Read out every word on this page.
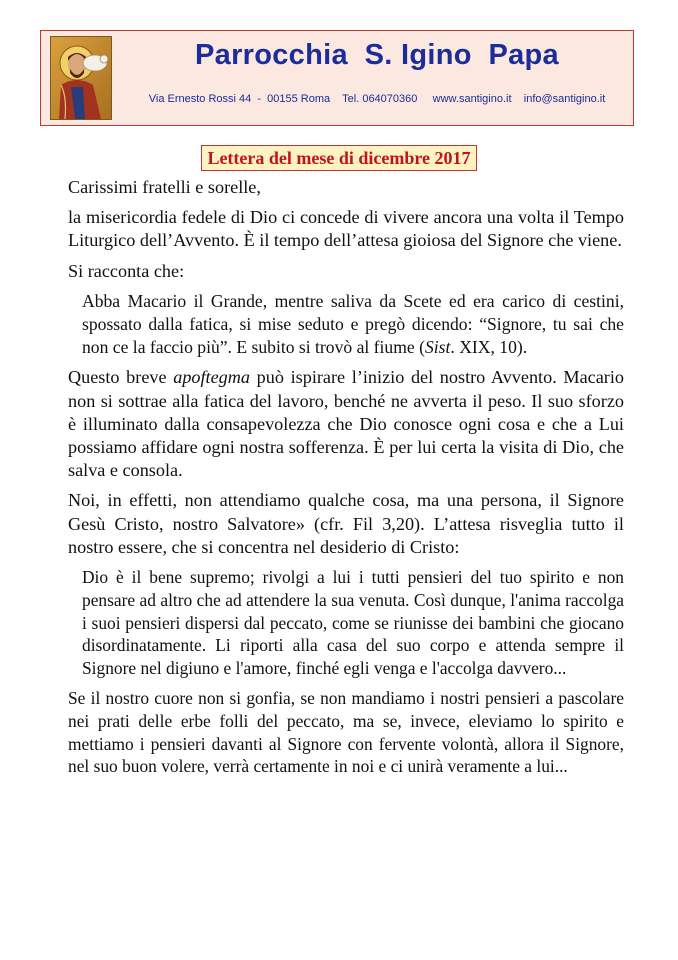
Parrocchia  S. Igino  Papa
Via Ernesto Rossi 44  -  00155 Roma    Tel. 064070360     www.santigino.it    info@santigino.it
Lettera del mese di dicembre 2017

Carissimi fratelli e sorelle,

la misericordia fedele di Dio ci concede di vivere ancora una volta il Tempo Liturgico dell’Avvento. È il tempo dell’attesa gioiosa del Signore che viene.

Si racconta che:

Abba Macario il Grande, mentre saliva da Scete ed era carico di cestini, spossato dalla fatica, si mise seduto e pregò dicendo: “Signore, tu sai che non ce la faccio più”. E subito si trovò al fiume (Sist. XIX, 10).

Questo breve apoftegma può ispirare l’inizio del nostro Avvento. Macario non si sottrae alla fatica del lavoro, benché ne avverta il peso. Il suo sforzo è illuminato dalla consapevolezza che Dio conosce ogni cosa e che a Lui possiamo affidare ogni nostra sofferenza. È per lui certa la visita di Dio, che salva e consola.

Noi, in effetti, non attendiamo qualche cosa, ma una persona, il Signore Gesù Cristo, nostro Salvatore» (cfr. Fil 3,20). L’attesa risveglia tutto il nostro essere, che si concentra nel desiderio di Cristo:

Dio è il bene supremo; rivolgi a lui i tutti pensieri del tuo spirito e non pensare ad altro che ad attendere la sua venuta. Così dunque, l'anima raccolga i suoi pensieri dispersi dal peccato, come se riunisse dei bambini che giocano disordinatamente. Li riporti alla casa del suo corpo e attenda sempre il Signore nel digiuno e l'amore, finché egli venga e l'accolga davvero...

Se il nostro cuore non si gonfia, se non mandiamo i nostri pensieri a pascolare nei prati delle erbe folli del peccato, ma se, invece, eleviamo lo spirito e mettiamo i pensieri davanti al Signore con fervente volontà, allora il Signore, nel suo buon volere, verrà certamente in noi e ci unirà veramente a lui...
